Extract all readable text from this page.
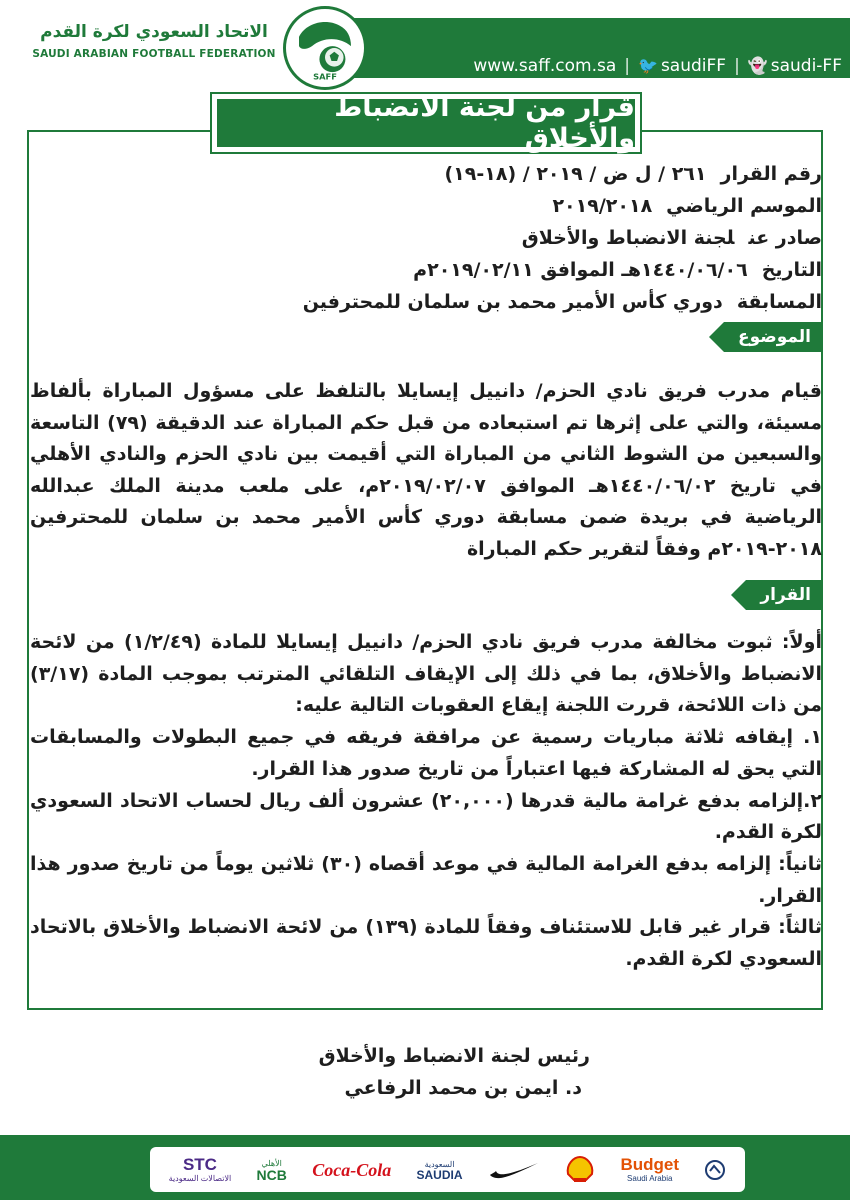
www.saff.com.sa | 🐦 saudiFF | 👻 saudi-FF
SAFF
الاتحاد السعودي لكرة القدم
SAUDI ARABIAN FOOTBALL FEDERATION
قرار من لجنة الانضباط والأخلاق
رقم القرار٢٦١ / ل ض / ٢٠١٩ / (١٨-١٩)
الموسم الرياضي٢٠١٩/٢٠١٨
صادر عنلجنة الانضباط والأخلاق
التاريخ١٤٤٠/٠٦/٠٦هـ الموافق ٢٠١٩/٠٢/١١م
المسابقةدوري كأس الأمير محمد بن سلمان للمحترفين
الموضوع
قيام مدرب فريق نادي الحزم/ دانييل إيسايلا بالتلفظ على مسؤول المباراة بألفاظ مسيئة، والتي على إثرها تم استبعاده من قبل حكم المباراة عند الدقيقة (٧٩) التاسعة والسبعين من الشوط الثاني من المباراة التي أقيمت بين نادي الحزم والنادي الأهلي في تاريخ ١٤٤٠/٠٦/٠٢هـ الموافق ٢٠١٩/٠٢/٠٧م، على ملعب مدينة الملك عبدالله الرياضية في بريدة ضمن مسابقة دوري كأس الأمير محمد بن سلمان للمحترفين ٢٠١٨-٢٠١٩م وفقاً لتقرير حكم المباراة
القرار

أولاً: ثبوت مخالفة مدرب فريق نادي الحزم/ دانييل إيسايلا للمادة (١/٢/٤٩) من لائحة الانضباط والأخلاق، بما في ذلك إلى الإيقاف التلقائي المترتب بموجب المادة (٣/١٧) من ذات اللائحة، قررت اللجنة إيقاع العقوبات التالية عليه:

١. إيقافه ثلاثة مباريات رسمية عن مرافقة فريقه في جميع البطولات والمسابقات التي يحق له المشاركة فيها اعتباراً من تاريخ صدور هذا القرار.

٢.إلزامه بدفع غرامة مالية قدرها (٢٠,٠٠٠) عشرون ألف ريال لحساب الاتحاد السعودي لكرة القدم.

ثانياً: إلزامه بدفع الغرامة المالية في موعد أقصاه (٣٠) ثلاثين يوماً من تاريخ صدور هذا القرار.

ثالثاً: قرار غير قابل للاستئناف وفقاً للمادة (١٣٩) من لائحة الانضباط والأخلاق بالاتحاد السعودي لكرة القدم.

رئيس لجنة الانضباط والأخلاق
د. ايمن بن محمد الرفاعي
STC
الاتصالات السعودية
الأهلي
NCB Coca-Cola	السعودية
SAUDIA
Budget
Saudi Arabia
